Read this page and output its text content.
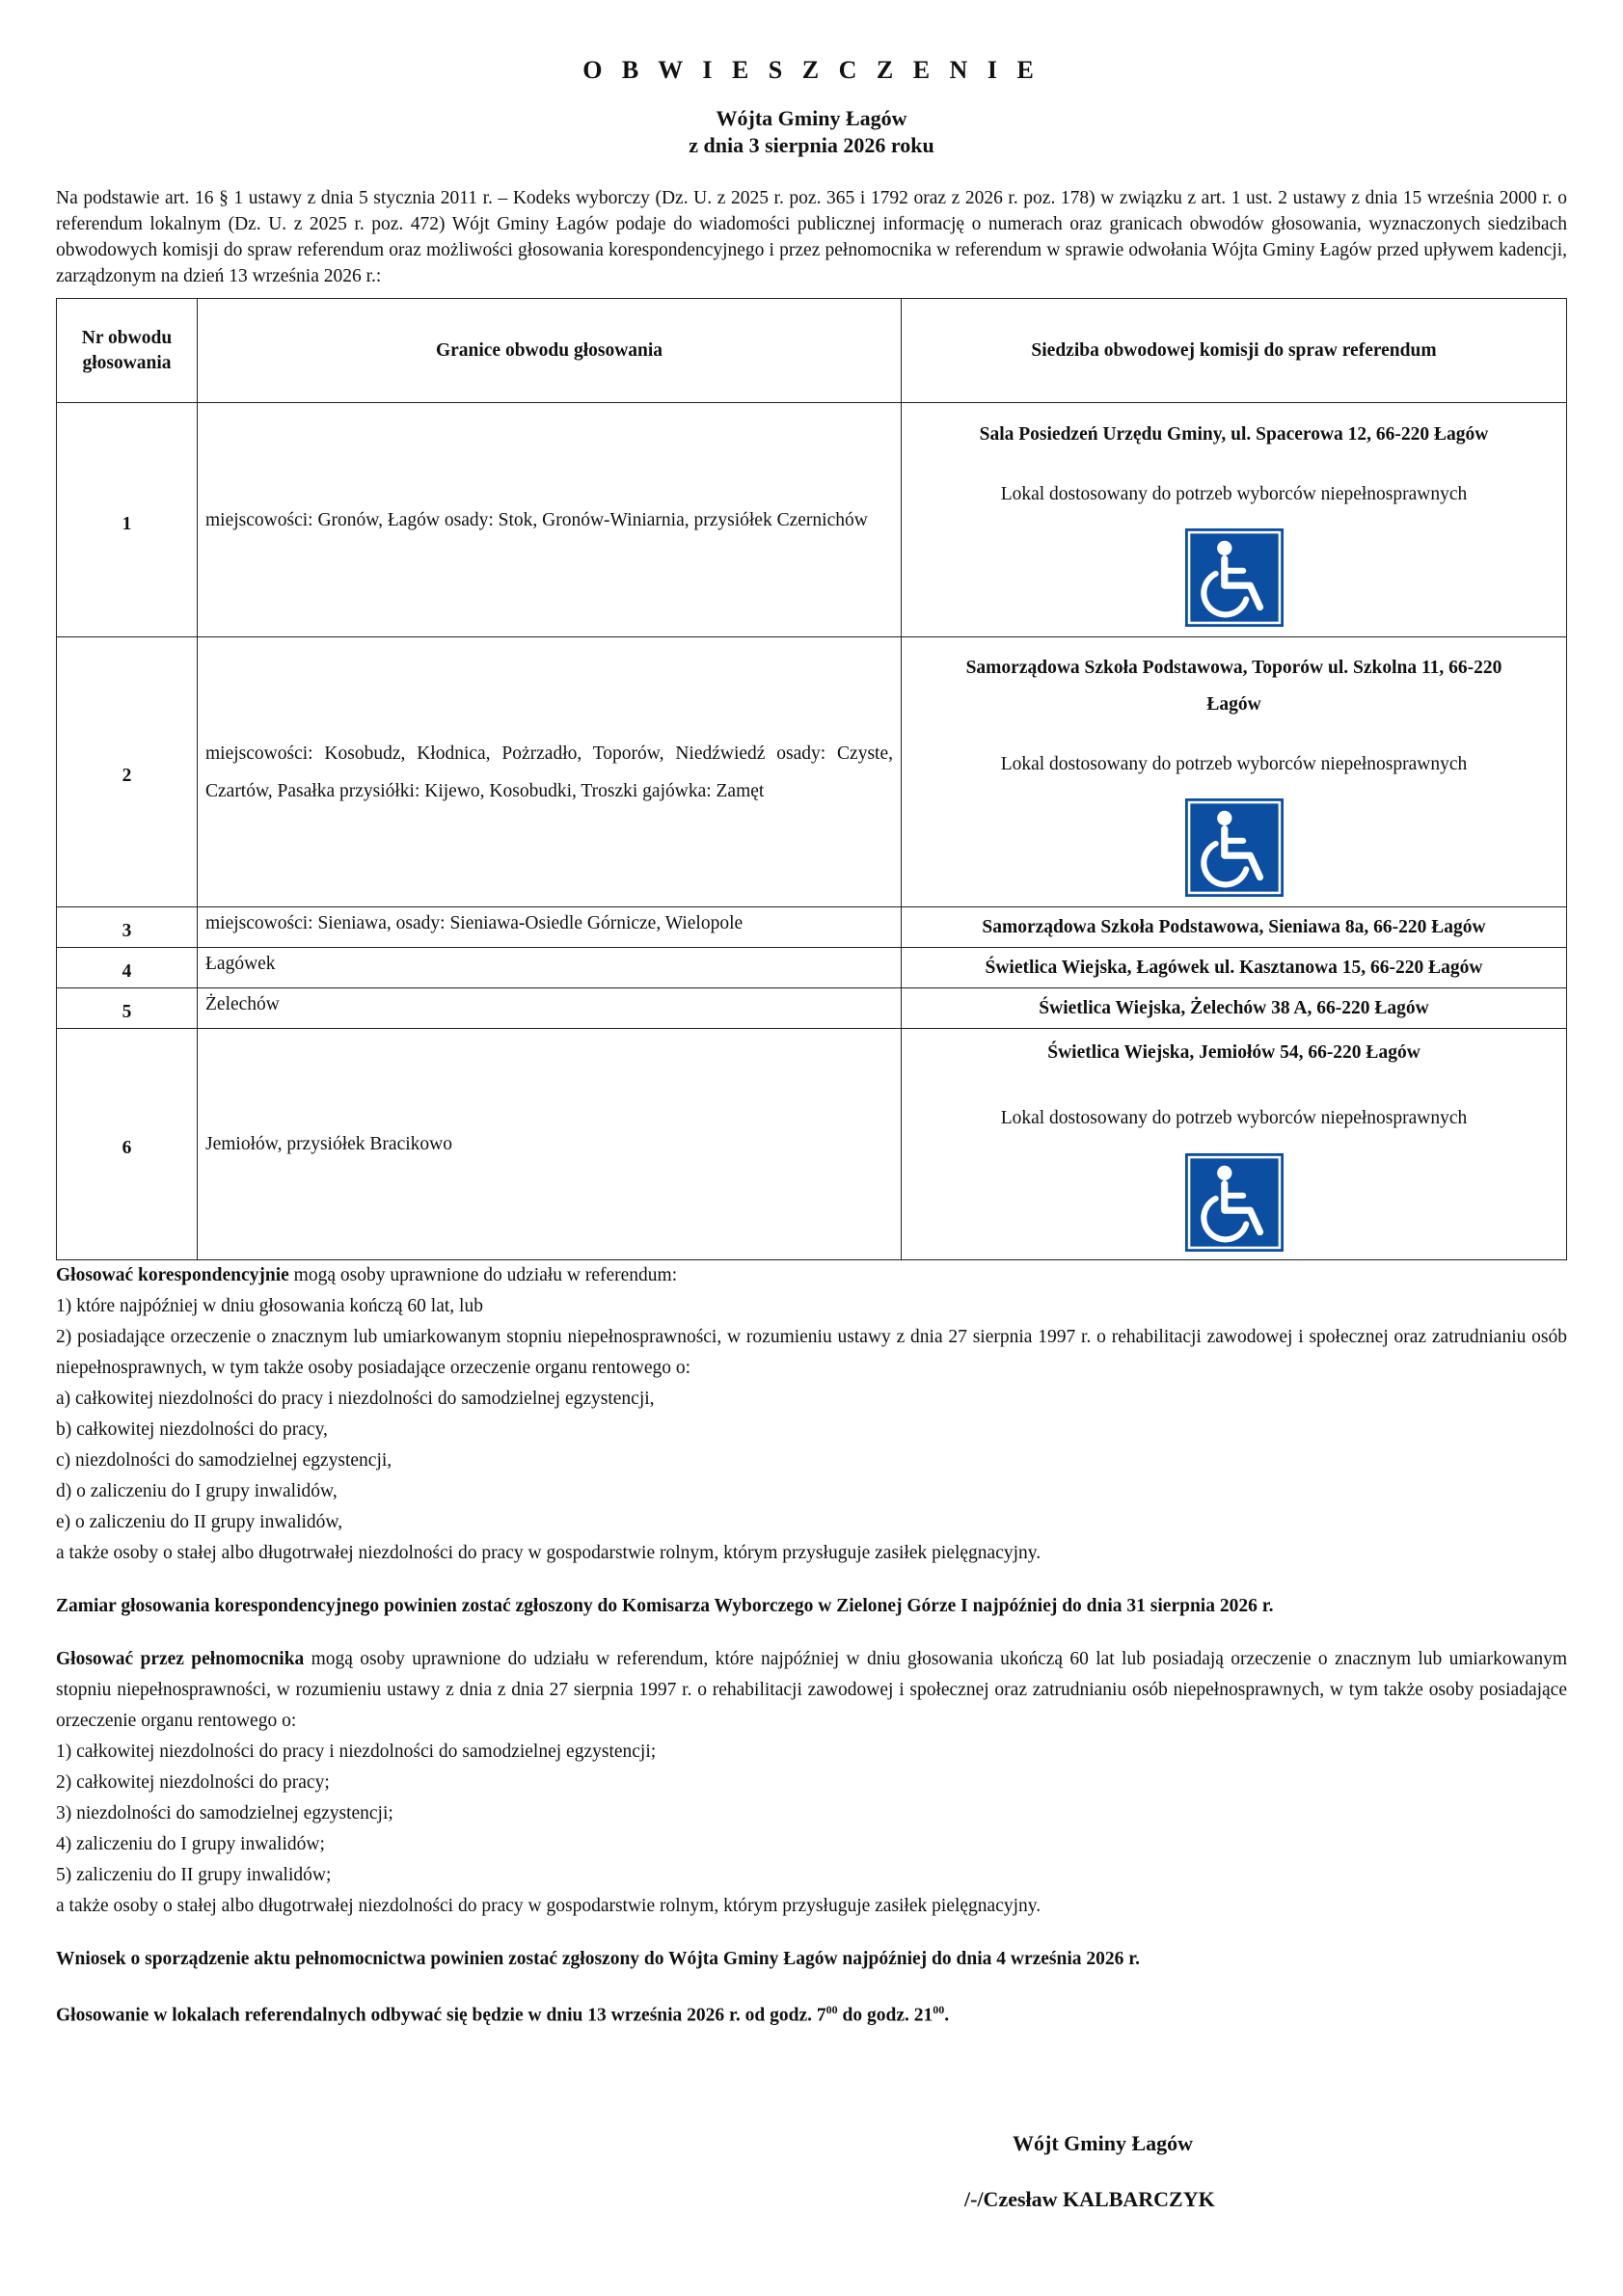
O B W I E S Z C Z E N I E
Wójta Gminy Łagów
z dnia 3 sierpnia 2026 roku
Na podstawie art. 16 § 1 ustawy z dnia 5 stycznia 2011 r. – Kodeks wyborczy (Dz. U. z 2025 r. poz. 365 i 1792 oraz z 2026 r. poz. 178) w związku z art. 1 ust. 2 ustawy z dnia 15 września 2000 r. o referendum lokalnym (Dz. U. z 2025 r. poz. 472) Wójt Gminy Łagów podaje do wiadomości publicznej informację o numerach oraz granicach obwodów głosowania, wyznaczonych siedzibach obwodowych komisji do spraw referendum oraz możliwości głosowania korespondencyjnego i przez pełnomocnika w referendum w sprawie odwołania Wójta Gminy Łagów przed upływem kadencji, zarządzonym na dzień 13 września 2026 r.:
Nr obwodu głosowania	Granice obwodu głosowania	Siedziba obwodowej komisji do spraw referendum
1	miejscowości: Gronów, Łagów osady: Stok, Gronów-Winiarnia, przysiółek Czernichów	Sala Posiedzeń Urzędu Gminy, ul. Spacerowa 12, 66-220 Łagów
Lokal dostosowany do potrzeb wyborców niepełnosprawnych

2	miejscowości: Kosobudz, Kłodnica, Pożrzadło, Toporów, Niedźwiedź osady: Czyste, Czartów, Pasałka przysiółki: Kijewo, Kosobudki, Troszki gajówka: Zamęt	Samorządowa Szkoła Podstawowa, Toporów ul. Szkolna 11, 66-220 Łagów
Lokal dostosowany do potrzeb wyborców niepełnosprawnych

3	miejscowości: Sieniawa, osady: Sieniawa-Osiedle Górnicze, Wielopole	Samorządowa Szkoła Podstawowa, Sieniawa 8a, 66-220 Łagów

4	Łagówek	Świetlica Wiejska, Łagówek ul. Kasztanowa 15, 66-220 Łagów

5	Żelechów	Świetlica Wiejska, Żelechów 38 A, 66-220 Łagów

6	Jemiołów, przysiółek Bracikowo	Świetlica Wiejska, Jemiołów 54, 66-220 Łagów
Lokal dostosowany do potrzeb wyborców niepełnosprawnych

Głosować korespondencyjnie mogą osoby uprawnione do udziału w referendum:

1) które najpóźniej w dniu głosowania kończą 60 lat, lub

2) posiadające orzeczenie o znacznym lub umiarkowanym stopniu niepełnosprawności, w rozumieniu ustawy z dnia 27 sierpnia 1997 r. o rehabilitacji zawodowej i społecznej oraz zatrudnianiu osób niepełnosprawnych, w tym także osoby posiadające orzeczenie organu rentowego o:

a) całkowitej niezdolności do pracy i niezdolności do samodzielnej egzystencji,

b) całkowitej niezdolności do pracy,

c) niezdolności do samodzielnej egzystencji,

d) o zaliczeniu do I grupy inwalidów,

e) o zaliczeniu do II grupy inwalidów,

a także osoby o stałej albo długotrwałej niezdolności do pracy w gospodarstwie rolnym, którym przysługuje zasiłek pielęgnacyjny.

Zamiar głosowania korespondencyjnego powinien zostać zgłoszony do Komisarza Wyborczego w Zielonej Górze I najpóźniej do dnia 31 sierpnia 2026 r.

Głosować przez pełnomocnika mogą osoby uprawnione do udziału w referendum, które najpóźniej w dniu głosowania ukończą 60 lat lub posiadają orzeczenie o znacznym lub umiarkowanym stopniu niepełnosprawności, w rozumieniu ustawy z dnia z dnia 27 sierpnia 1997 r. o rehabilitacji zawodowej i społecznej oraz zatrudnianiu osób niepełnosprawnych, w tym także osoby posiadające orzeczenie organu rentowego o:

1) całkowitej niezdolności do pracy i niezdolności do samodzielnej egzystencji;

2) całkowitej niezdolności do pracy;

3) niezdolności do samodzielnej egzystencji;

4) zaliczeniu do I grupy inwalidów;

5) zaliczeniu do II grupy inwalidów;

a także osoby o stałej albo długotrwałej niezdolności do pracy w gospodarstwie rolnym, którym przysługuje zasiłek pielęgnacyjny.

Wniosek o sporządzenie aktu pełnomocnictwa powinien zostać zgłoszony do Wójta Gminy Łagów najpóźniej do dnia 4 września 2026 r.

Głosowanie w lokalach referendalnych odbywać się będzie w dniu 13 września 2026 r. od godz. $7^{00}$ do godz. $21^{00}$.

Wójt Gminy Łagów
/-/Czesław KALBARCZYK
